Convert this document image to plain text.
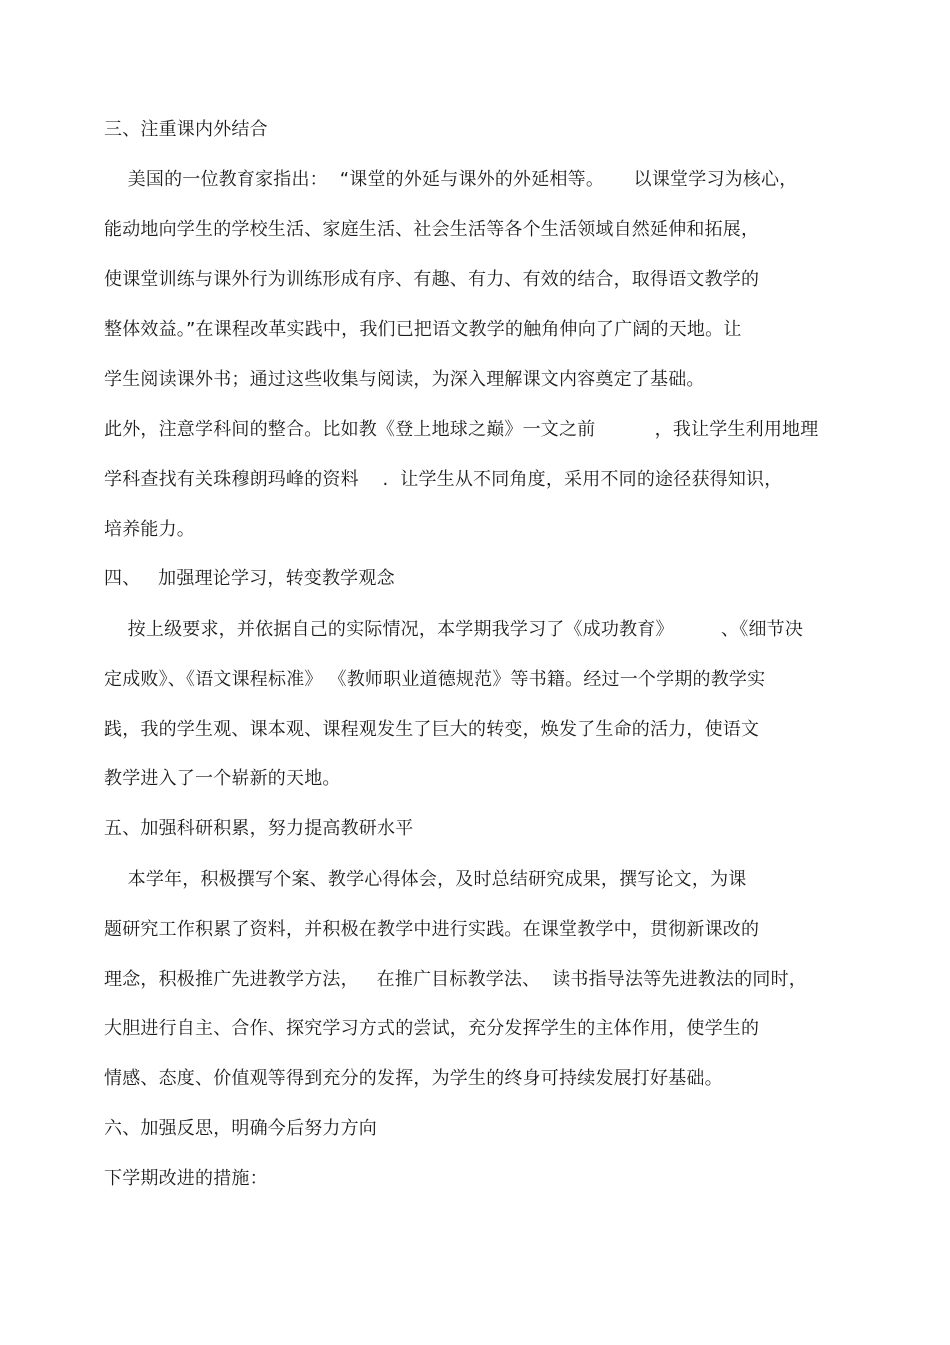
三、注重课内外结合
美国的一位教育家指出：  “课堂的外延与课外的外延相等。     以课堂学习为核心，
能动地向学生的学校生活、家庭生活、社会生活等各个生活领域自然延伸和拓展，
使课堂训练与课外行为训练形成有序、有趣、有力、有效的结合，取得语文教学的
整体效益。”在课程改革实践中，我们已把语文教学的触角伸向了广阔的天地。让
学生阅读课外书；通过这些收集与阅读，为深入理解课文内容奠定了基础。
此外，注意学科间的整合。比如教《登上地球之巅》一文之前          ，我让学生利用地理
学科查找有关珠穆朗玛峰的资料    .  让学生从不同角度，采用不同的途径获得知识，
培养能力。
四、   加强理论学习，转变教学观念
按上级要求，并依据自己的实际情况，本学期我学习了《成功教育》        、《细节决
定成败》、《语文课程标准》 《教师职业道德规范》等书籍。经过一个学期的教学实
践，我的学生观、课本观、课程观发生了巨大的转变，焕发了生命的活力，使语文
教学进入了一个崭新的天地。
五、加强科研积累，努力提高教研水平
本学年，积极撰写个案、教学心得体会，及时总结研究成果，撰写论文，为课
题研究工作积累了资料，并积极在教学中进行实践。在课堂教学中，贯彻新课改的
理念，积极推广先进教学方法，   在推广目标教学法、  读书指导法等先进教法的同时，
大胆进行自主、合作、探究学习方式的尝试，充分发挥学生的主体作用，使学生的
情感、态度、价值观等得到充分的发挥，为学生的终身可持续发展打好基础。
六、加强反思，明确今后努力方向
下学期改进的措施：
